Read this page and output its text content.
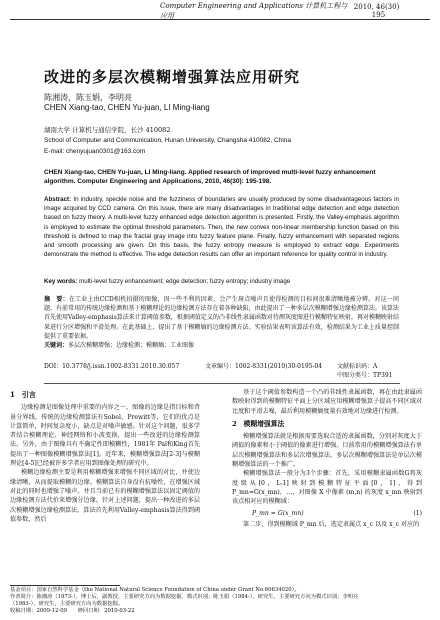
Computer Engineering and Applications 计算机工程与应用
2010, 46(30) 195
改进的多层次模糊增强算法应用研究
陈湘涛，陈玉娟，李明亮
CHEN Xiang-tao, CHEN Yu-juan, LI Ming-liang
湖南大学 计算机与通信学院，长沙 410082
School of Computer and Communication, Hunan University, Changsha 410082, China
E-mail: chenyujuan0301@163.com
CHEN Xiang-tao, CHEN Yu-juan, LI Ming-liang. Applied research of improved multi-level fuzzy enhancement algorithm. Computer Engineering and Applications, 2010, 46(30): 195-198.
Abstract: In industry, speckle noise and the fuzziness of boundaries are usually produced by some disadvantageous factors in image acquired by CCD camera. On this issue, there are many disadvantages in traditional edge detection and edge detection based on fuzzy theory. A multi-level fuzzy enhanced edge detection algorithm is presented. Firstly, the Valley-emphasis algorithm is employed to estimate the optimal threshold parameters. Then, the new convex non-linear membership function based on this threshold is defined to map the fractal gray image into fuzzy feature plane. Finally, fuzzy enhancement with separated regions and smooth processing are given. On this basis, the fuzzy entropy measure is employed to extract edge. Experiments demonstrate the method is effective. The edge detection results can offer an important reference for quality control in industry.
Key words: multi-level fuzzy enhancement; edge detection; fuzzy entropy; industry image
摘　要：在工业上由CCD相机拍摄的图像，因一些不利的因素，会产生斑点噪声且使得检测的目标间很难清晰地被分辨。对这一问题，有前常用的传统边缘检测和基于模糊理论的边缘检测方法存在着各种缺陷，由此提出了一种多层次模糊增强边缘检测算法。该算法首先使用Valley-emphasis算法来计算阈值参数，根据阈值定义的凸非线性隶属函数对待测灰度图进行模糊特征映射，再对模糊映射结果进行分区增强和平滑处理。在此基础上，提出了基于模糊熵的边缘检测方法。实验结果表明该算法有效，检测结果为工业上质量控制提供了重要依据。
关键词：多层次模糊增强；边缘检测；模糊熵；工业图像
DOI：10.3778/j.issn.1002-8331.2010.30.057	文章编号：1002-8331(2010)30-0195-04 文献标识码：A
中图分类号：TP391
1　引言

边缘检测是图像处理中重要的内容之一，图像的边缘是指目标和背景分界线。传统的边缘检测算法有Sobel、Prewitt等，它们的优点是计算简单，时间复杂度小，缺点是对噪声敏感。针对这个问题，很多学者结合模糊理论、神经网络和小波变换，提出一些改进的边缘检测算法。另外，由于图像具有不确定性即模糊性，1981年 Pal和King首先提出了一种图像模糊增强算法[1]。近年来，模糊增强算法[2-3]与模糊理论[4-5]已经被许多学者应用到图像处理的研究中。

模糊边缘检测主要是利用模糊增强来增强不同区域的对比，并使边缘清晰，从而提取模糊的边缘。模糊算法自身没有抗噪性，在增强区域对比的同时也增强了噪声。并且当前已有的模糊增强算法以固定阈值的边缘检测方法代价来增强分边缘。针对上述问题，提出一种改进的多层次模糊增强边缘检测算法，算法首先利用Valley-emphasis算法得到阈值参数，然后

基于这个阈值参数构造一个凸的非线性隶属函数，再在由此隶属函数映射得到的模糊特征平面上分区域应用模糊增强算子提高不同区域对比度和平滑去噪，最后利用模糊熵度量有效地对边缘进行检测。

2　模糊增强算法

模糊增强算法就是根据需要选取合适的隶属函数，分别对灰度大于阈值的像素和小于阈值的像素进行增强。目前常用的模糊增强算法有单层次模糊增强算法和多层次增强算法。多层次模糊增强算法是单层次模糊增强算法的一个推广。

模糊增强算法一般分为3个步骤：首先，采用模糊隶属函数G将灰度级从[0，L-1]映射到模糊特征平面[0，1]，得到P_mn=G(x_mn)，…，对图像 X 中像素 (m,n) 的灰度 x_mn 映射到该点相对应的模糊域：

P_mn = G(x_mn)	(1)

第二步，得到模糊域 P_mn 后，选定隶属点 x_c 以及 x_c 对应的

基金项目：国家自然科学基金（the National Natural Science Foundation of China under Grant No.60634020）。
作者简介：陈湘涛（1973-），博士后，副教授，主要研究方向为数据挖掘、模式识别；陈玉娟（1984-），研究生，主要研究方向为模式识别；李明亮
（1983-），研究生，主要研究方向为数据挖掘。
收稿日期：2009-12-09　　修回日期：2010-03-22
